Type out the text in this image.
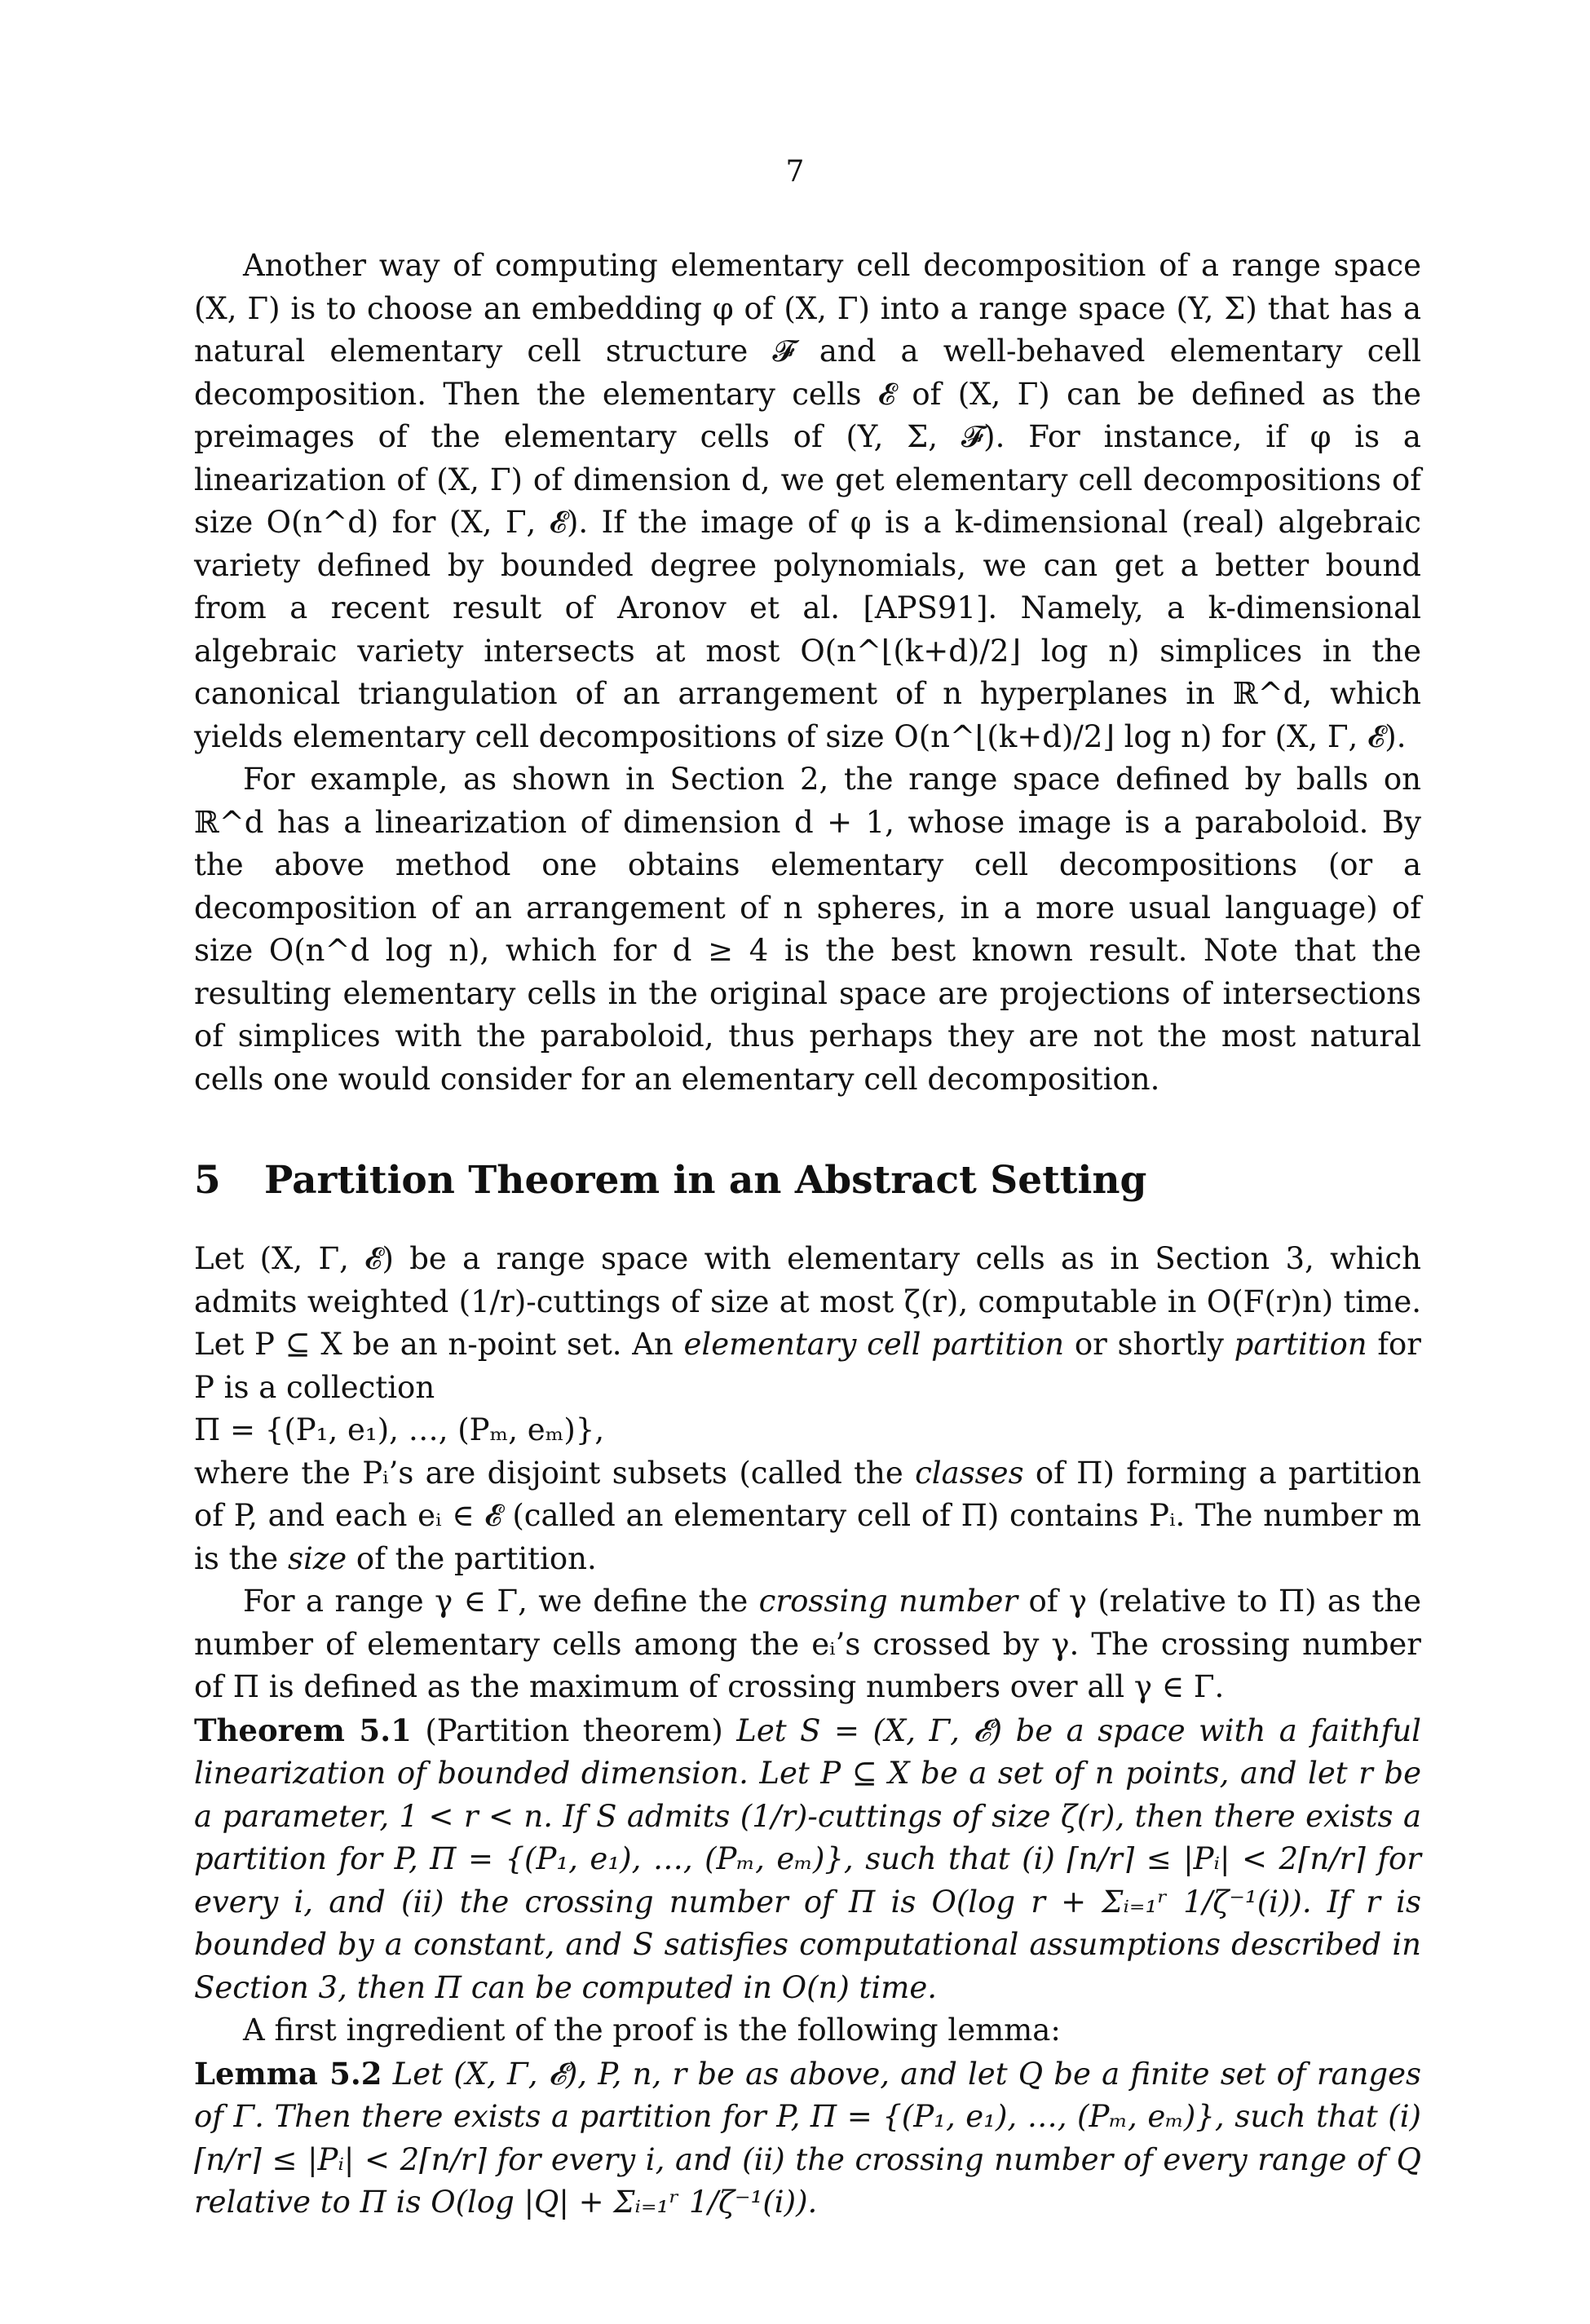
7

Another way of computing elementary cell decomposition of a range space (X, Γ) is to choose an embedding φ of (X, Γ) into a range space (Y, Σ) that has a natural elementary cell structure 𝓕 and a well-behaved elementary cell decomposition. Then the elementary cells 𝓔 of (X, Γ) can be defined as the preimages of the elementary cells of (Y, Σ, 𝓕). For instance, if φ is a linearization of (X, Γ) of dimension d, we get elementary cell decompositions of size O(n^d) for (X, Γ, 𝓔). If the image of φ is a k-dimensional (real) algebraic variety defined by bounded degree polynomials, we can get a better bound from a recent result of Aronov et al. [APS91]. Namely, a k-dimensional algebraic variety intersects at most O(n^⌊(k+d)/2⌋ log n) simplices in the canonical triangulation of an arrangement of n hyperplanes in ℝ^d, which yields elementary cell decompositions of size O(n^⌊(k+d)/2⌋ log n) for (X, Γ, 𝓔).

For example, as shown in Section 2, the range space defined by balls on ℝ^d has a linearization of dimension d + 1, whose image is a paraboloid. By the above method one obtains elementary cell decompositions (or a decomposition of an arrangement of n spheres, in a more usual language) of size O(n^d log n), which for d ≥ 4 is the best known result. Note that the resulting elementary cells in the original space are projections of intersections of simplices with the paraboloid, thus perhaps they are not the most natural cells one would consider for an elementary cell decomposition.

5 Partition Theorem in an Abstract Setting

Let (X, Γ, 𝓔) be a range space with elementary cells as in Section 3, which admits weighted (1/r)-cuttings of size at most ζ(r), computable in O(F(r)n) time. Let P ⊆ X be an n-point set. An elementary cell partition or shortly partition for P is a collection

Π = {(P₁, e₁), …, (Pₘ, eₘ)},

where the Pᵢ’s are disjoint subsets (called the classes of Π) forming a partition of P, and each eᵢ ∈ 𝓔 (called an elementary cell of Π) contains Pᵢ. The number m is the size of the partition.

For a range γ ∈ Γ, we define the crossing number of γ (relative to Π) as the number of elementary cells among the eᵢ’s crossed by γ. The crossing number of Π is defined as the maximum of crossing numbers over all γ ∈ Γ.

Theorem 5.1 (Partition theorem) Let S = (X, Γ, 𝓔) be a space with a faithful linearization of bounded dimension. Let P ⊆ X be a set of n points, and let r be a parameter, 1 < r < n. If S admits (1/r)-cuttings of size ζ(r), then there exists a partition for P, Π = {(P₁, e₁), …, (Pₘ, eₘ)}, such that (i) ⌈n/r⌉ ≤ |Pᵢ| < 2⌈n/r⌉ for every i, and (ii) the crossing number of Π is O(log r + Σᵢ₌₁ʳ 1/ζ⁻¹(i)). If r is bounded by a constant, and S satisfies computational assumptions described in Section 3, then Π can be computed in O(n) time.

A first ingredient of the proof is the following lemma:

Lemma 5.2 Let (X, Γ, 𝓔), P, n, r be as above, and let Q be a finite set of ranges of Γ. Then there exists a partition for P, Π = {(P₁, e₁), …, (Pₘ, eₘ)}, such that (i) ⌈n/r⌉ ≤ |Pᵢ| < 2⌈n/r⌉ for every i, and (ii) the crossing number of every range of Q relative to Π is O(log |Q| + Σᵢ₌₁ʳ 1/ζ⁻¹(i)).
